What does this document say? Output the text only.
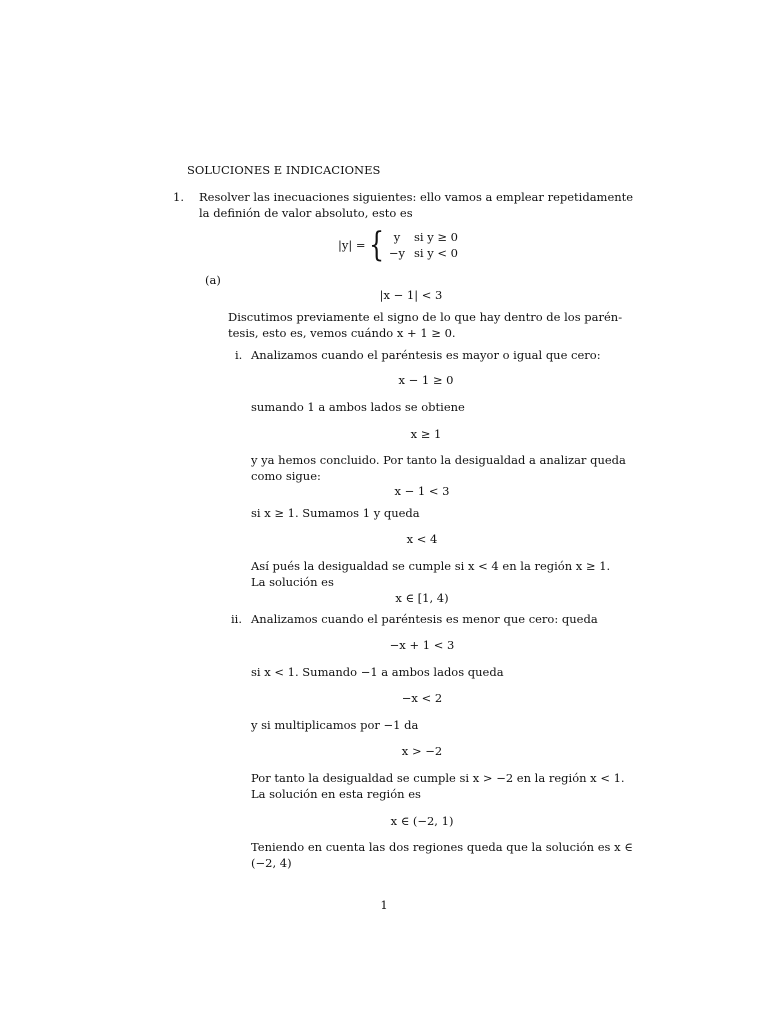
SOLUCIONES E INDICACIONES
1. Resolver las inecuaciones siguientes: ello vamos a emplear repetidamente
la definión de valor absoluto, esto es
|y| = { y	si y ≥ 0
−y	si y < 0
(a)
|x − 1| < 3
Discutimos previamente el signo de lo que hay dentro de los parén-
tesis, esto es, vemos cuándo x + 1 ≥ 0.
i. Analizamos cuando el paréntesis es mayor o igual que cero:
x − 1 ≥ 0
sumando 1 a ambos lados se obtiene
x ≥ 1
y ya hemos concluido. Por tanto la desigualdad a analizar queda
como sigue:
x − 1 < 3
si x ≥ 1. Sumamos 1 y queda
x < 4
Así pués la desigualdad se cumple si x < 4 en la región x ≥ 1.
La solución es
x ∈ [1, 4)
ii. Analizamos cuando el paréntesis es menor que cero: queda
−x + 1 < 3
si x < 1. Sumando −1 a ambos lados queda
−x < 2
y si multiplicamos por −1 da
x > −2
Por tanto la desigualdad se cumple si x > −2 en la región x < 1.
La solución en esta región es
x ∈ (−2, 1)
Teniendo en cuenta las dos regiones queda que la solución es x ∈
(−2, 4)
1
